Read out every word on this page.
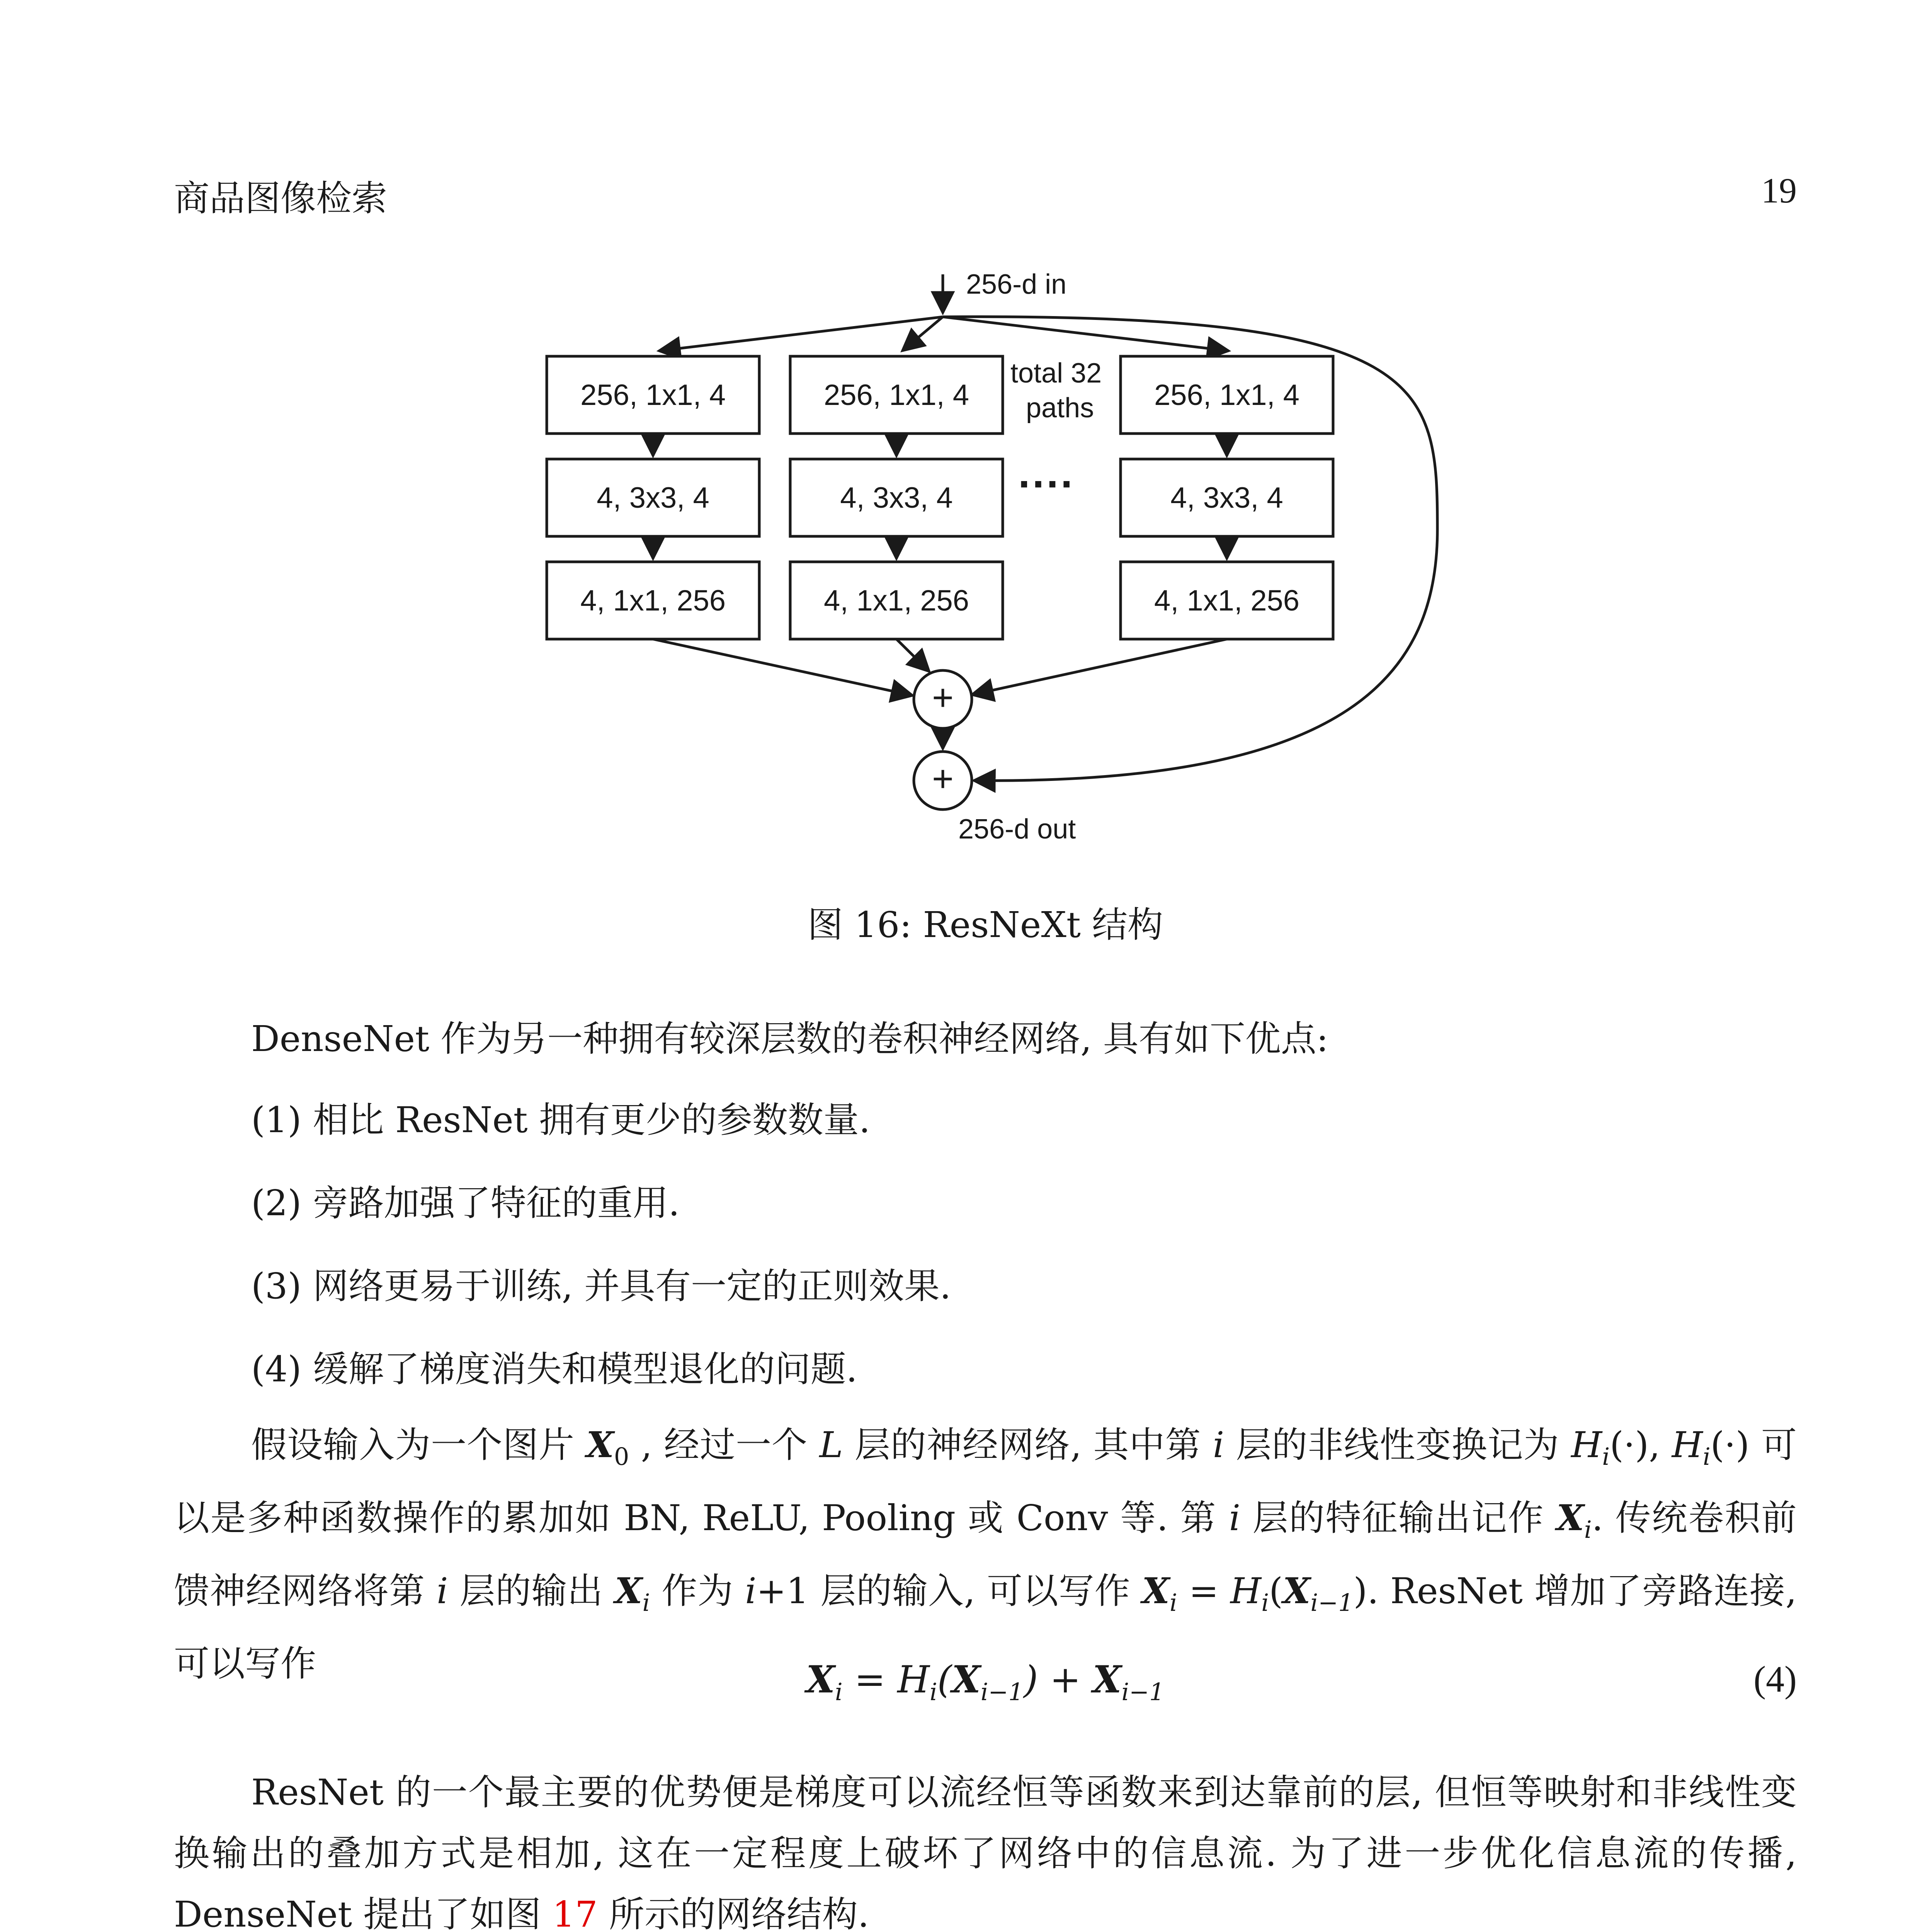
商品图像检索	19
256-d in
256-d out
total 32
paths
····
+
+
256, 1x1, 4
4, 3x3, 4
4, 1x1, 256
256, 1x1, 4
4, 3x3, 4
4, 1x1, 256
256, 1x1, 4
4, 3x3, 4
4, 1x1, 256
图 16: ResNeXt 结构
DenseNet 作为另一种拥有较深层数的卷积神经网络, 具有如下优点:
(1) 相比 ResNet 拥有更少的参数数量.
(2) 旁路加强了特征的重用.
(3) 网络更易于训练, 并具有一定的正则效果.
(4) 缓解了梯度消失和模型退化的问题.
假设输入为一个图片 $X_0$ , 经过一个 L 层的神经网络, 其中第 i 层的非线性变换记为 $H_i(\cdot)$, $H_i(\cdot)$ 可以是多种函数操作的累加如 BN, ReLU, Pooling 或 Conv 等. 第 i 层的特征输出记作 $X_i$. 传统卷积前馈神经网络将第 i 层的输出 $X_i$ 作为 i+1 层的输入, 可以写作 $X_i = H_i(X_{i-1})$. ResNet 增加了旁路连接, 可以写作	$X_i = H_i(X_{i-1}) + X_{i-1}$	(4)
ResNet 的一个最主要的优势便是梯度可以流经恒等函数来到达靠前的层, 但恒等映射和非线性变换输出的叠加方式是相加, 这在一定程度上破坏了网络中的信息流. 为了进一步优化信息流的传播, DenseNet 提出了如图 17 所示的网络结构.
